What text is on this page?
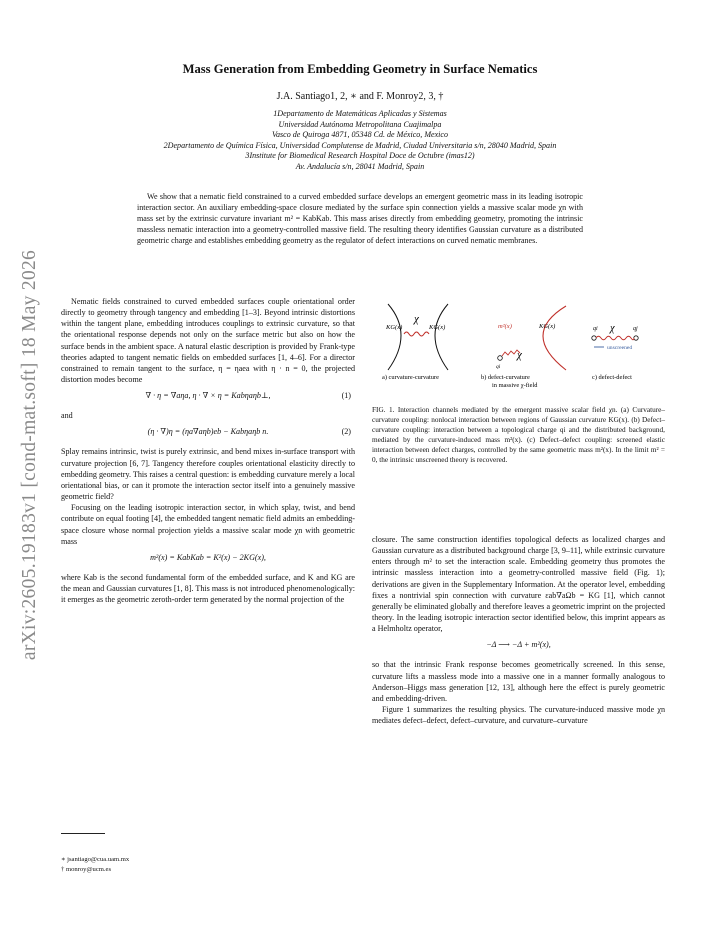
arXiv:2605.19183v1 [cond-mat.soft] 18 May 2026
Mass Generation from Embedding Geometry in Surface Nematics
J.A. Santiago1, 2, ∗ and F. Monroy2, 3, †
1Departamento de Matemáticas Aplicadas y Sistemas
Universidad Autónoma Metropolitana Cuajimalpa
Vasco de Quiroga 4871, 05348 Cd. de México, Mexico
2Departamento de Química Física, Universidad Complutense de Madrid, Ciudad Universitaria s/n, 28040 Madrid, Spain
3Institute for Biomedical Research Hospital Doce de Octubre (imas12)
Av. Andalucía s/n, 28041 Madrid, Spain
We show that a nematic field constrained to a curved embedded surface develops an emergent geometric mass in its leading isotropic interaction sector. An auxiliary embedding-space closure mediated by the surface spin connection yields a massive scalar mode χn with mass set by the extrinsic curvature invariant m² = KabKab. This mass arises directly from embedding geometry, promoting the intrinsic massless nematic interaction into a geometry-controlled massive field. The resulting theory identifies Gaussian curvature as a distributed geometric charge and establishes embedding geometry as the regulator of defect interactions on curved nematic membranes.

Nematic fields constrained to curved embedded surfaces couple orientational order directly to geometry through tangency and embedding [1–3]. Beyond intrinsic distortions within the tangent plane, embedding introduces couplings to extrinsic curvature, so that the orientational response depends not only on the surface metric but also on how the surface bends in the ambient space. A natural elastic description is provided by Frank-type theories adapted to tangent nematic fields on embedded surfaces [1, 4–6]. For a director constrained to remain tangent to the surface, η = ηaea with η · n = 0, the projected distortion modes become

∇ · η = ∇aηa, η · ∇ × η = Kabηaηb⊥,	(1)

and

(η · ∇)η = (ηa∇aηb)eb − Kabηaηb n.	(2)

Splay remains intrinsic, twist is purely extrinsic, and bend mixes in-surface transport with curvature projection [6, 7]. Tangency therefore couples orientational elasticity directly to embedding geometry. This raises a central question: is embedding curvature merely a local orientational bias, or can it promote the interaction sector itself into a genuinely massive geometric field?

Focusing on the leading isotropic interaction sector, in which splay, twist, and bend contribute on equal footing [4], the embedded tangent nematic field admits an embedding-space closure whose normal projection yields a massive scalar mode χn with geometric mass

m²(x) = KabKab = K²(x) − 2KG(x),

where Kab is the second fundamental form of the embedded surface, and K and KG are the mean and Gaussian curvatures [1, 8]. This mass is not introduced phenomenologically: it emerges as the geometric zeroth-order term generated by the normal projection of the

∗ jsantiago@cua.uam.mx
† monroy@ucm.es
χ
KG(x)	KG(x)
a) curvature-curvature
m²(x)	KG(x)
χ
qi
b) defect-curvature
in massive χ-field
qi χ	qj
unscreened
c) defect-defect
FIG. 1. Interaction channels mediated by the emergent massive scalar field χn. (a) Curvature–curvature coupling: nonlocal interaction between regions of Gaussian curvature KG(x). (b) Defect–curvature coupling: interaction between a topological charge qi and the distributed background, mediated by the curvature-induced mass m²(x). (c) Defect–defect coupling: screened elastic interaction between defect charges, controlled by the same geometric mass m²(x). In the limit m² = 0, the intrinsic unscreened theory is recovered.

closure. The same construction identifies topological defects as localized charges and Gaussian curvature as a distributed background charge [3, 9–11], while extrinsic curvature enters through m² to set the interaction scale. Embedding geometry thus promotes the intrinsic massless interaction into a geometry-controlled massive field (Fig. 1); derivations are given in the Supplementary Information. At the operator level, embedding fixes a nontrivial spin connection with curvature εab∇aΩb = KG [1], which cannot generally be eliminated globally and therefore leaves a geometric imprint on the projected theory. In the leading isotropic interaction sector identified below, this imprint appears as a Helmholtz operator,

−Δ ⟶ −Δ + m²(x),

so that the intrinsic Frank response becomes geometrically screened. In this sense, curvature lifts a massless mode into a massive one in a manner formally analogous to Anderson–Higgs mass generation [12, 13], although here the effect is purely geometric and embedding-driven.

Figure 1 summarizes the resulting physics. The curvature-induced massive mode χn mediates defect–defect, defect–curvature, and curvature–curvature
